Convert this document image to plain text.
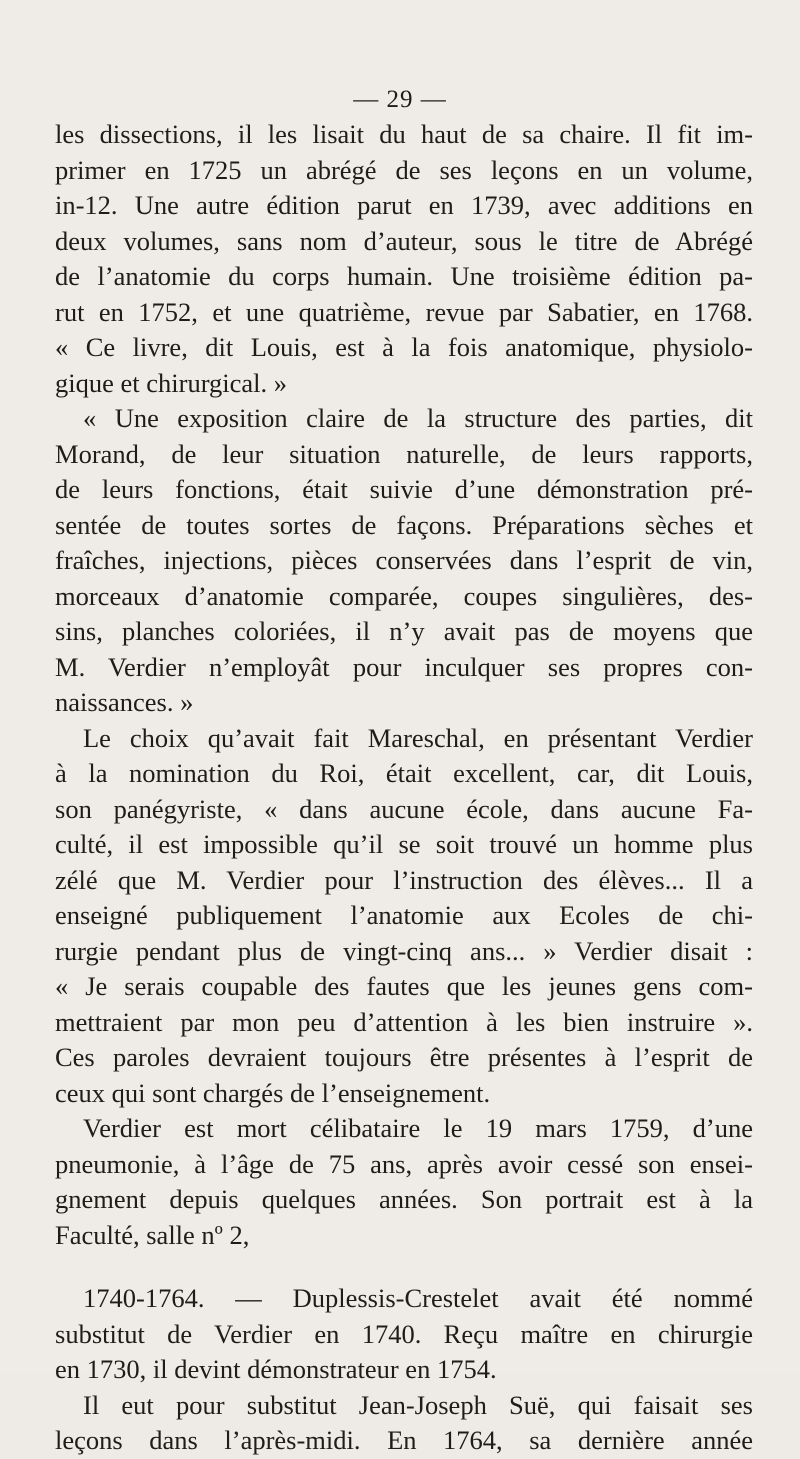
— 29 —
les dissections, il les lisait du haut de sa chaire. Il fit im-
primer en 1725 un abrégé de ses leçons en un volume,
in-12. Une autre édition parut en 1739, avec additions en
deux volumes, sans nom d’auteur, sous le titre de Abrégé
de l’anatomie du corps humain. Une troisième édition pa-
rut en 1752, et une quatrième, revue par Sabatier, en 1768.
« Ce livre, dit Louis, est à la fois anatomique, physiolo-
gique et chirurgical. »
« Une exposition claire de la structure des parties, dit
Morand, de leur situation naturelle, de leurs rapports,
de leurs fonctions, était suivie d’une démonstration pré-
sentée de toutes sortes de façons. Préparations sèches et
fraîches, injections, pièces conservées dans l’esprit de vin,
morceaux d’anatomie comparée, coupes singulières, des-
sins, planches coloriées, il n’y avait pas de moyens que
M. Verdier n’employât pour inculquer ses propres con-
naissances. »
Le choix qu’avait fait Mareschal, en présentant Verdier
à la nomination du Roi, était excellent, car, dit Louis,
son panégyriste, « dans aucune école, dans aucune Fa-
culté, il est impossible qu’il se soit trouvé un homme plus
zélé que M. Verdier pour l’instruction des élèves... Il a
enseigné publiquement l’anatomie aux Ecoles de chi-
rurgie pendant plus de vingt-cinq ans... » Verdier disait :
« Je serais coupable des fautes que les jeunes gens com-
mettraient par mon peu d’attention à les bien instruire ».
Ces paroles devraient toujours être présentes à l’esprit de
ceux qui sont chargés de l’enseignement.
Verdier est mort célibataire le 19 mars 1759, d’une
pneumonie, à l’âge de 75 ans, après avoir cessé son ensei-
gnement depuis quelques années. Son portrait est à la
Faculté, salle nº 2,
1740-1764. — Duplessis-Crestelet avait été nommé
substitut de Verdier en 1740. Reçu maître en chirurgie
en 1730, il devint démonstrateur en 1754.
Il eut pour substitut Jean-Joseph Suë, qui faisait ses
leçons dans l’après-midi. En 1764, sa dernière année
